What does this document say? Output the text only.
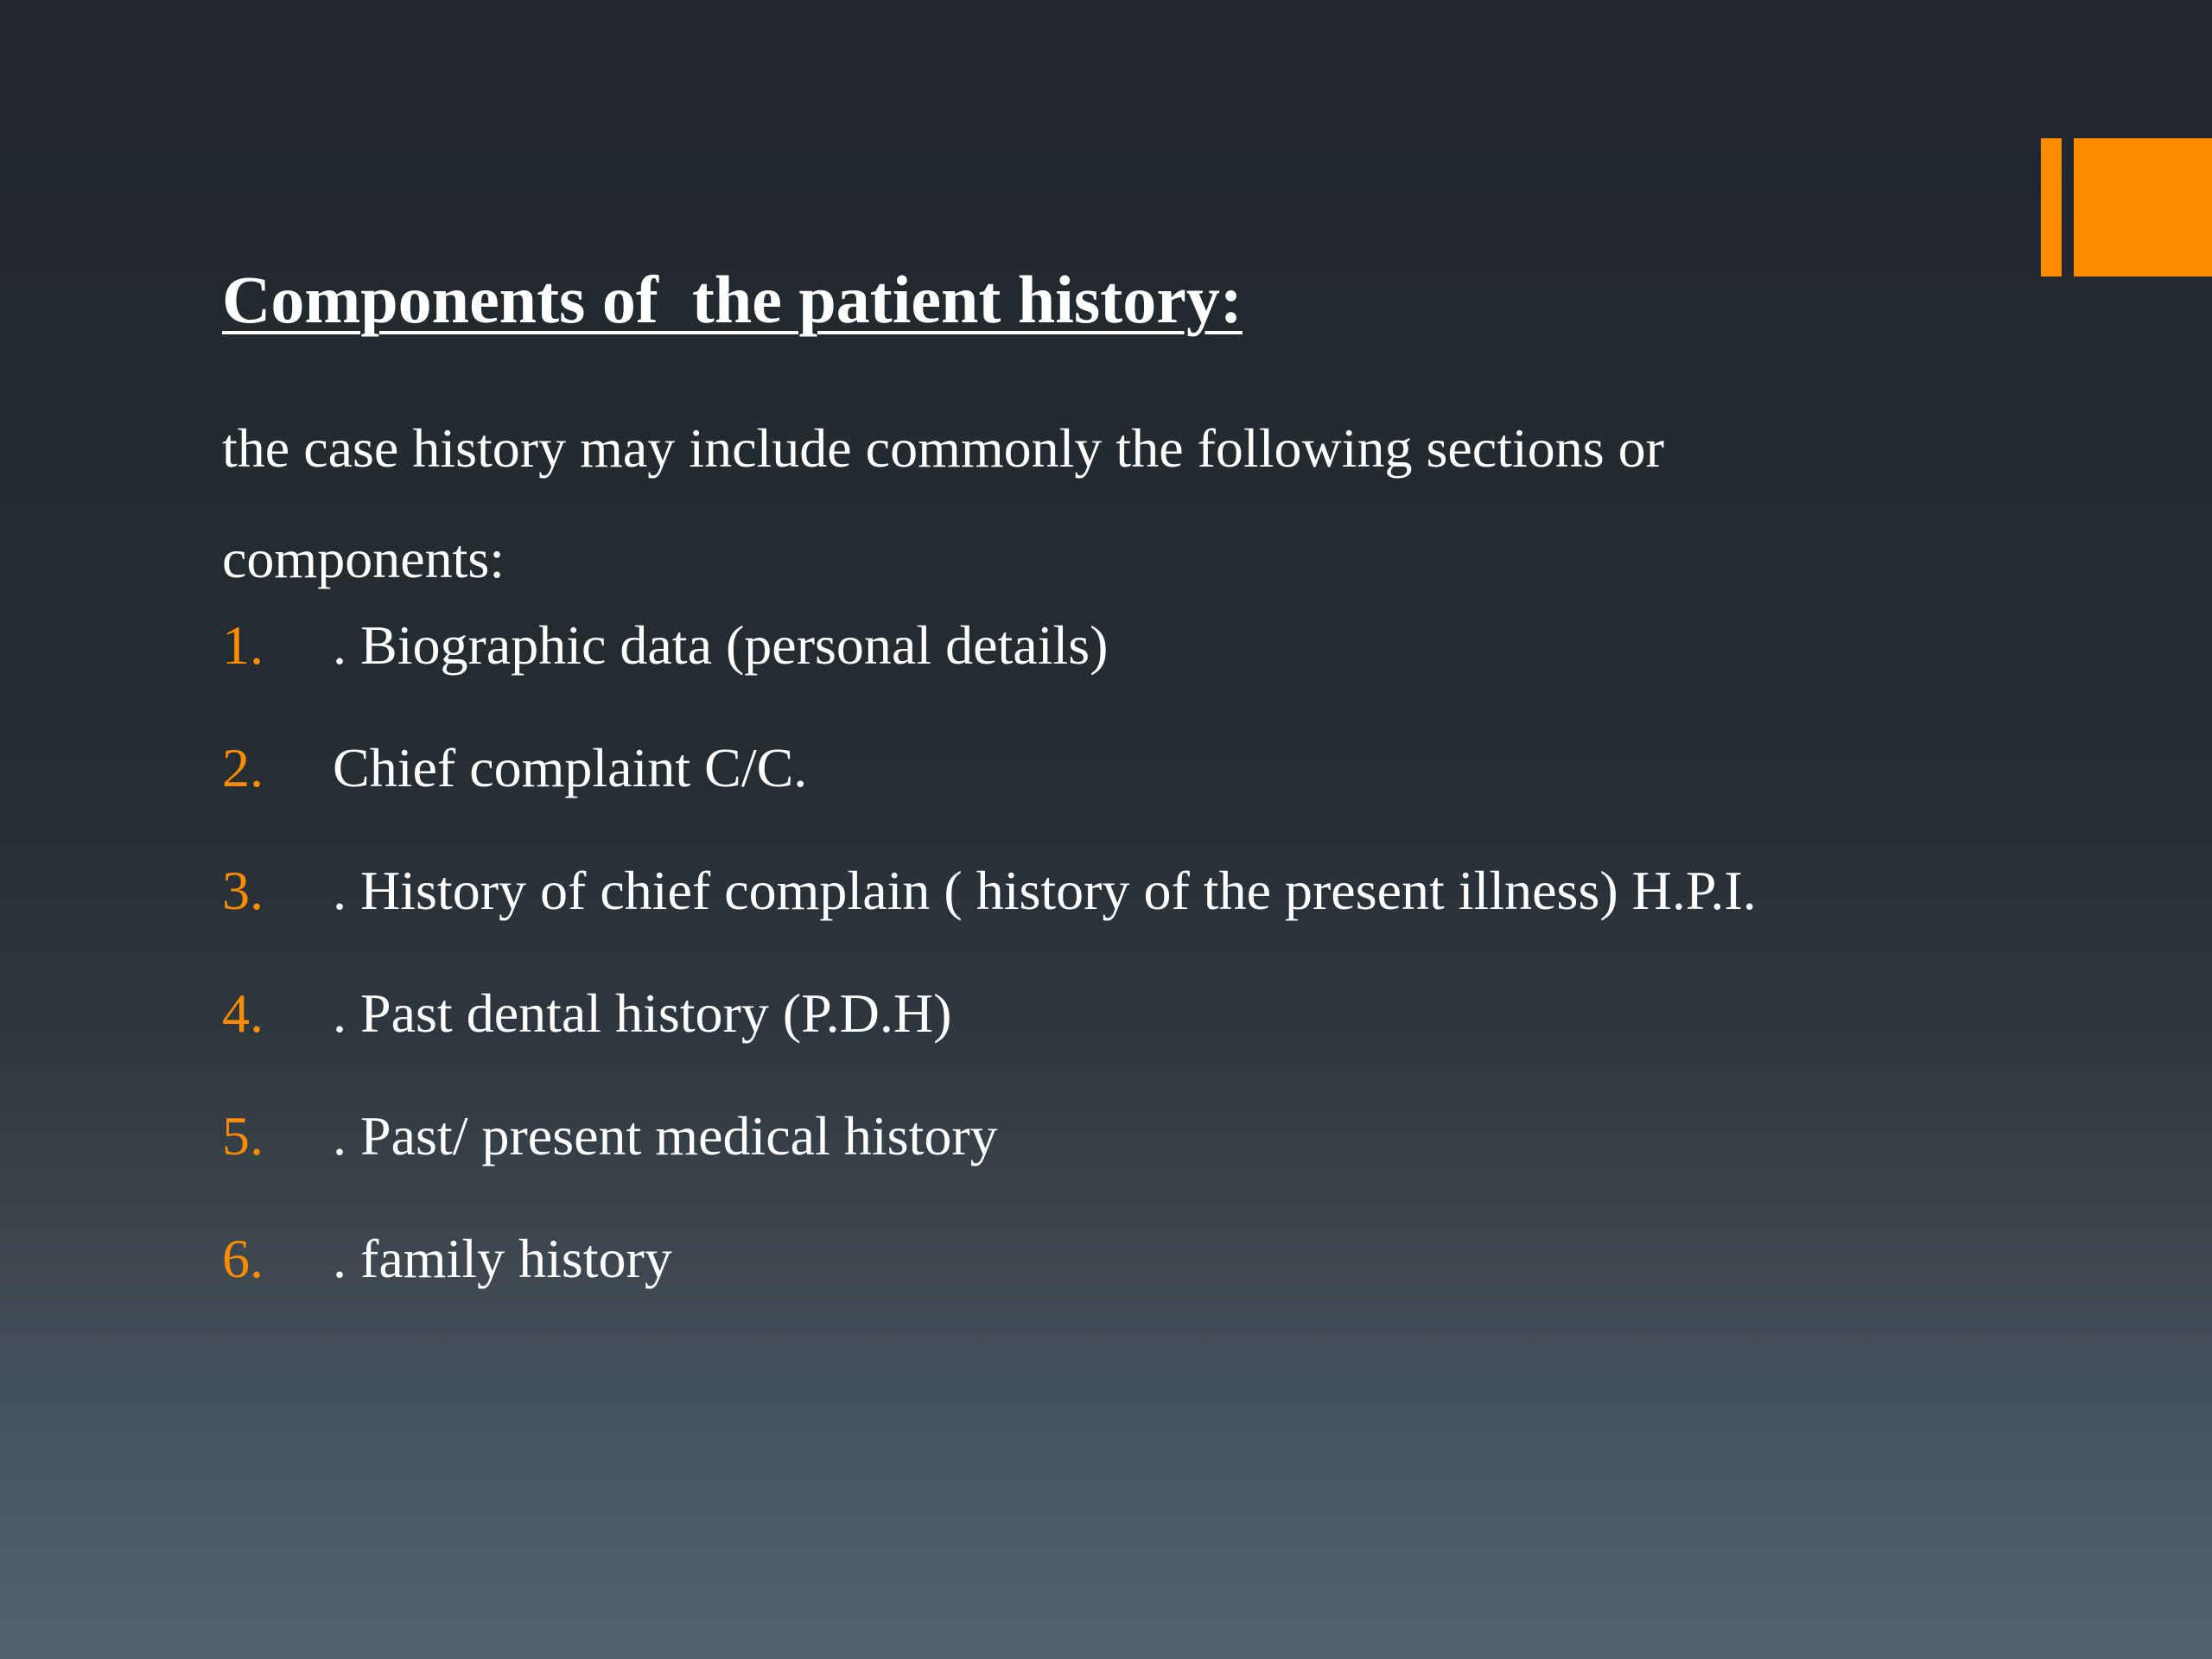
Components of  the patient history:

the case history may include commonly the following sections or components:

1.	. Biographic data (personal details)
2.	Chief complaint C/C.
3.	. History of chief complain ( history of the present illness) H.P.I.
4.	. Past dental history (P.D.H)
5.	. Past/ present medical history
6.	. family history
